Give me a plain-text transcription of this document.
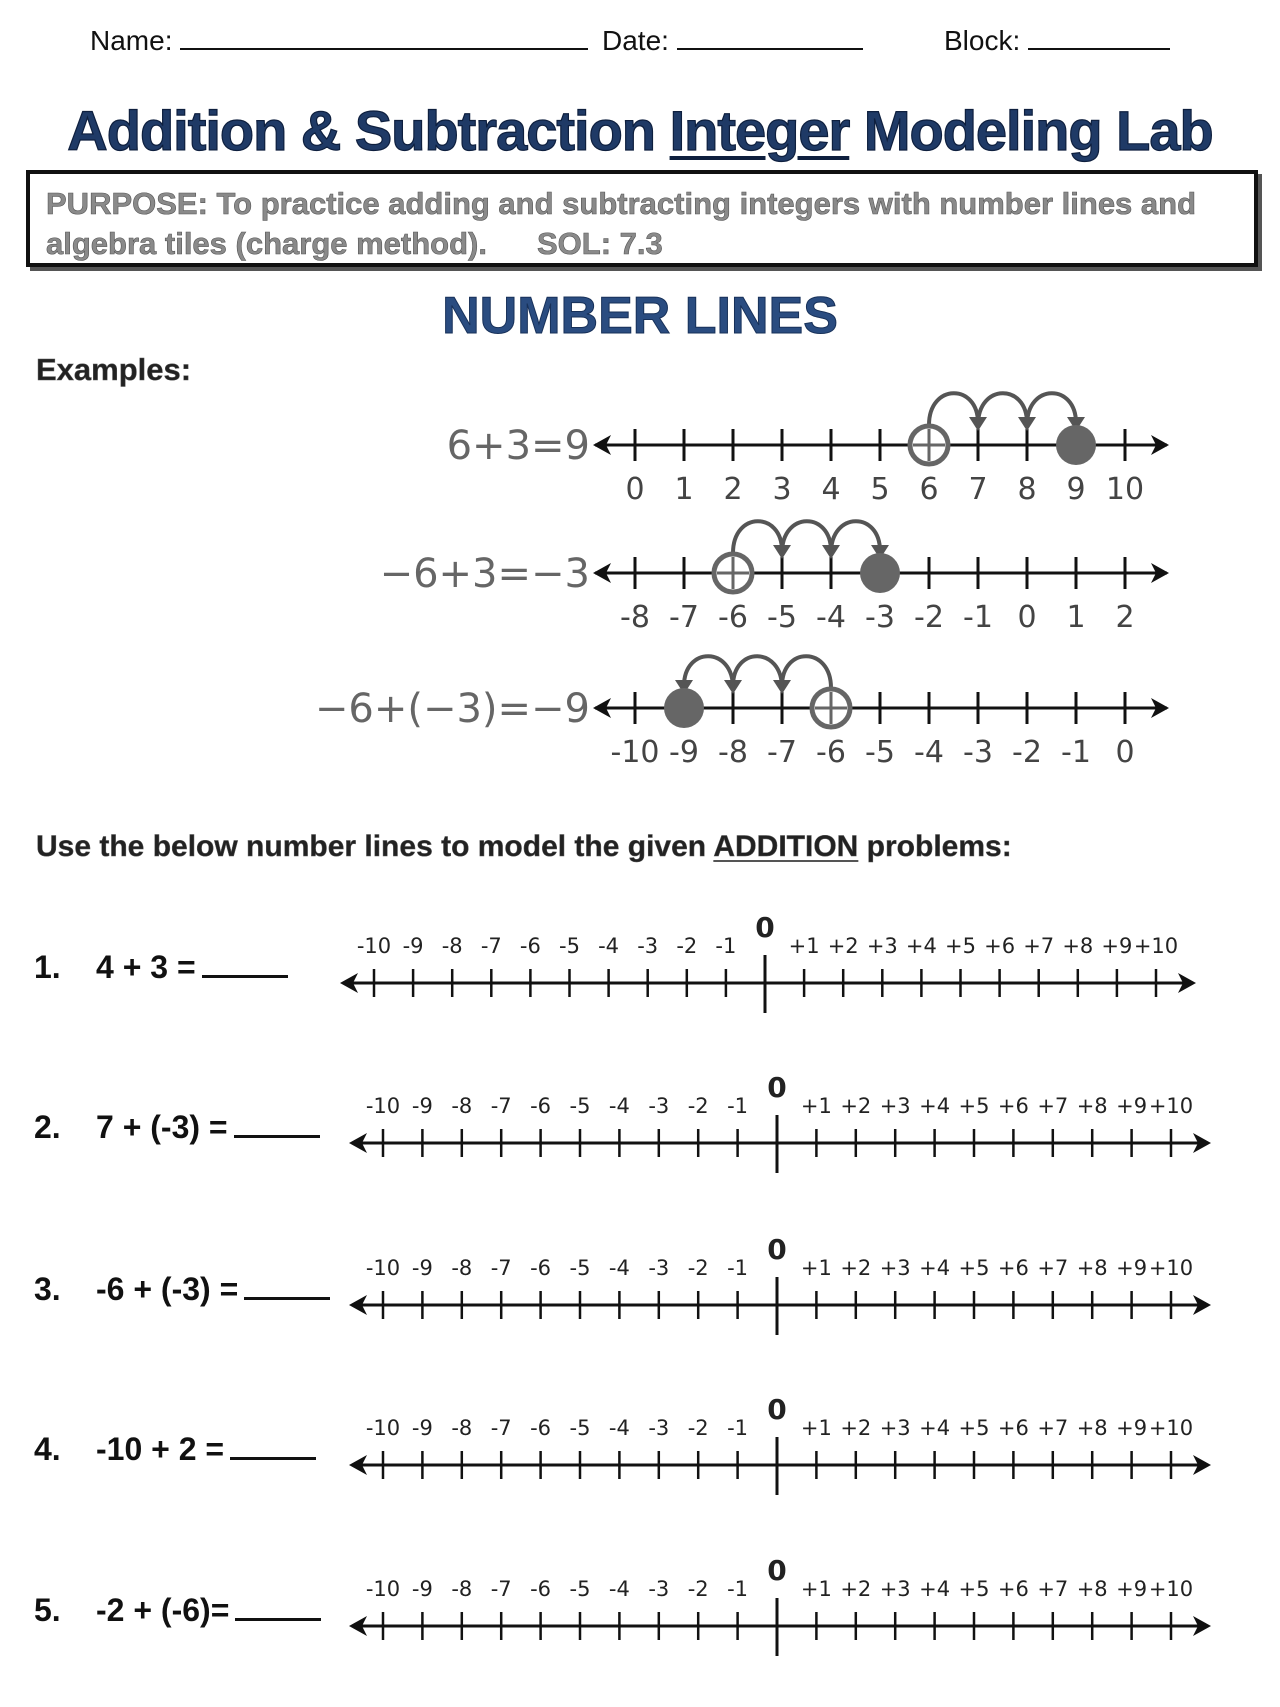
Name:	Date:	Block:
Addition & Subtraction Integer Modeling Lab
PURPOSE: To practice adding and subtracting integers with number lines and algebra tiles (charge method). SOL: 7.3
NUMBER LINES
Examples:
6+3=9
0 1 2 3 4 5 6 7 8 9 10
−6+3=−3
-8 -7 -6 -5 -4 -3 -2 -1 0 1 2
−6+(−3)=−9
-10 -9 -8 -7 -6 -5 -4 -3 -2 -1 0
Use the below number lines to model the given ADDITION problems:
1. 4 + 3 =
2. 7 + (-3) =
3. -6 + (-3) =
4. -10 + 2 =
5. -2 + (-6)=
-10 -9 -8 -7 -6 -5 -4 -3 -2 -1
0
+1 +2 +3 +4 +5 +6 +7 +8 +9 +10
-10 -9 -8 -7 -6 -5 -4 -3 -2 -1
0
+1 +2 +3 +4 +5 +6 +7 +8 +9 +10
-10 -9 -8 -7 -6 -5 -4 -3 -2 -1
0
+1 +2 +3 +4 +5 +6 +7 +8 +9 +10
-10 -9 -8 -7 -6 -5 -4 -3 -2 -1
0
+1 +2 +3 +4 +5 +6 +7 +8 +9 +10
-10 -9 -8 -7 -6 -5 -4 -3 -2 -1
0
+1 +2 +3 +4 +5 +6 +7 +8 +9 +10
